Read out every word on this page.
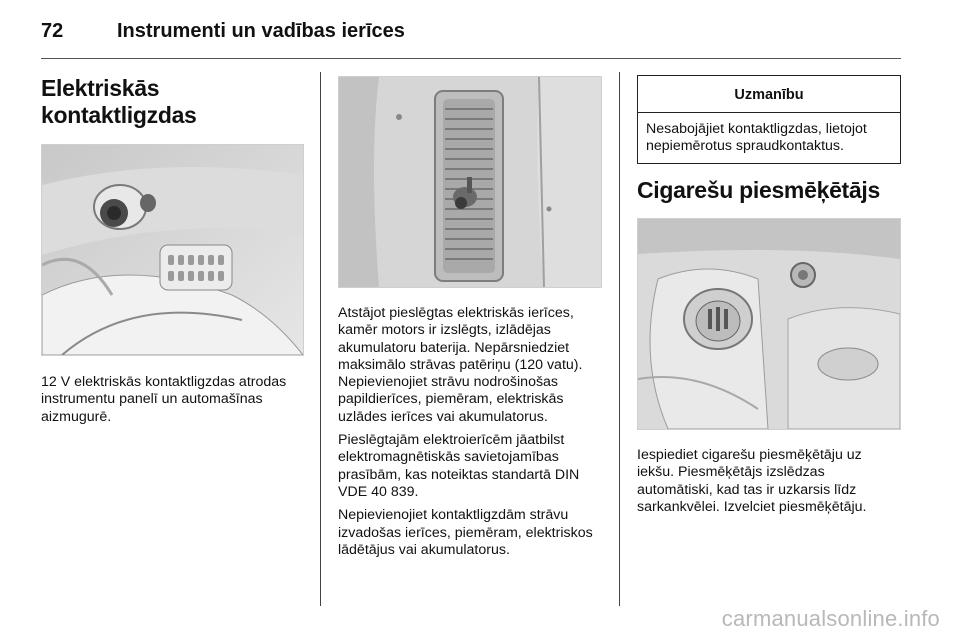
72	Instrumenti un vadības ierīces
Elektriskās kontaktligzdas

12 V elektriskās kontaktligzdas atrodas instrumentu panelī un automašīnas aizmugurē.

Atstājot pieslēgtas elektriskās ierīces, kamēr motors ir izslēgts, izlādējas akumulatoru baterija. Nepārsniedziet maksimālo strāvas patēriņu (120 vatu). Nepievienojiet strāvu nodrošinošas papildierīces, piemēram, elektriskās uzlādes ierīces vai akumulatorus.

Pieslēgtajām elektroierīcēm jāatbilst elektromagnētiskās savietojamības prasībām, kas noteiktas standartā DIN VDE 40 839.

Nepievienojiet kontaktligzdām strāvu izvadošas ierīces, piemēram, elektriskos lādētājus vai akumulatorus.

Uzmanību
Nesabojājiet kontaktligzdas, lietojot nepiemērotus spraudkontaktus.
Cigarešu piesmēķētājs

Iespiediet cigarešu piesmēķētāju uz iekšu. Piesmēķētājs izslēdzas automātiski, kad tas ir uzkarsis līdz sarkankvēlei. Izvelciet piesmēķētāju.

carmanualsonline.info
